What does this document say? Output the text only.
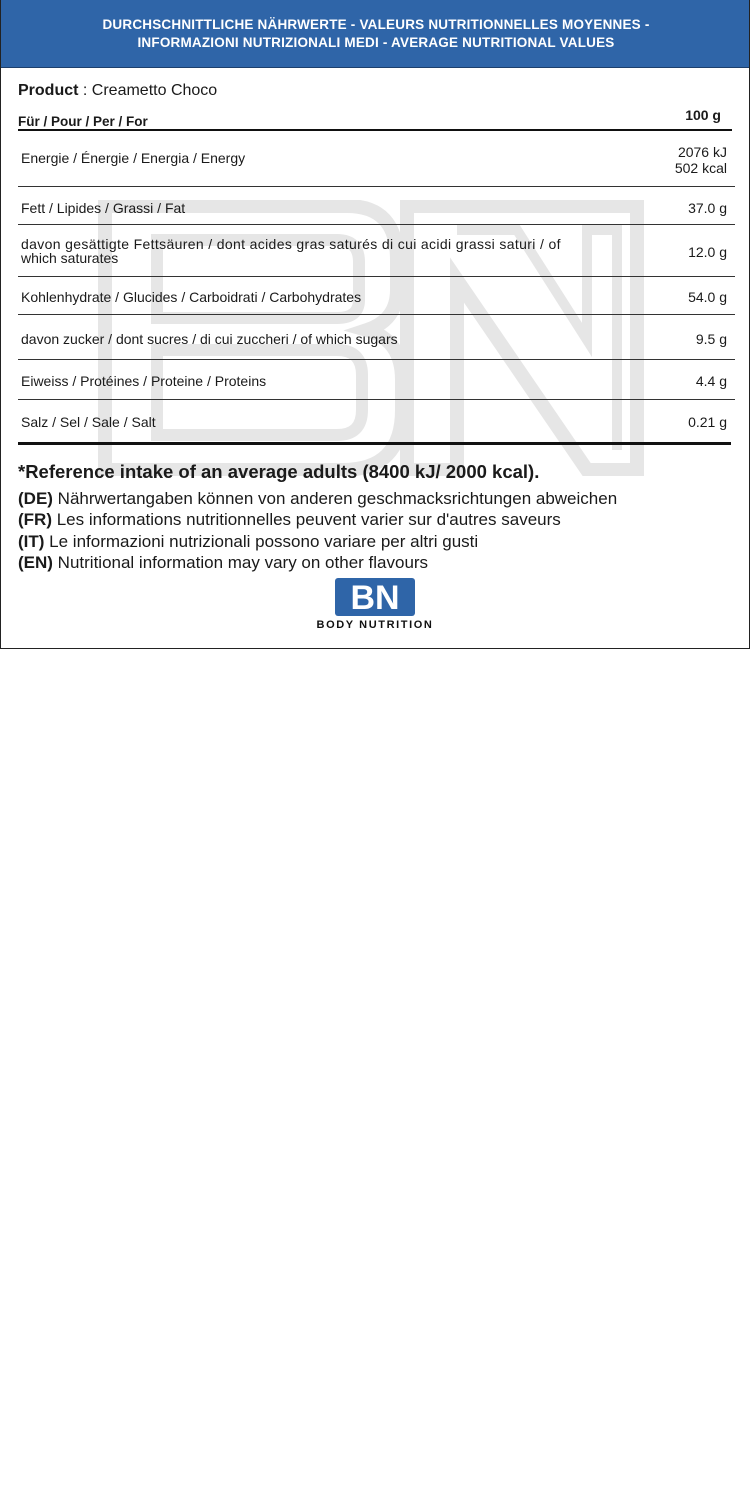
DURCHSCHNITTLICHE NÄHRWERTE - VALEURS NUTRITIONNELLES MOYENNES -
INFORMAZIONI NUTRIZIONALI MEDI - AVERAGE NUTRITIONAL VALUES
Product : Creametto Choco
Für / Pour / Per / For	100 g
Energie / Énergie / Energia / Energy	2076 kJ
502 kcal
Fett / Lipides / Grassi / Fat	37.0 g
davon gesättigte Fettsäuren / dont acides gras saturés di cui acidi grassi saturi / of
which saturates	12.0 g
Kohlenhydrate / Glucides / Carboidrati / Carbohydrates	54.0 g
davon zucker / dont sucres / di cui zuccheri / of which sugars	9.5 g
Eiweiss / Protéines / Proteine / Proteins	4.4 g
Salz / Sel / Sale / Salt	0.21 g
*Reference intake of an average adults (8400 kJ/ 2000 kcal).
(DE) Nährwertangaben können von anderen geschmacksrichtungen abweichen
(FR) Les informations nutritionnelles peuvent varier sur d'autres saveurs
(IT) Le informazioni nutrizionali possono variare per altri gusti
(EN) Nutritional information may vary on other flavours
BN
BODY NUTRITION
